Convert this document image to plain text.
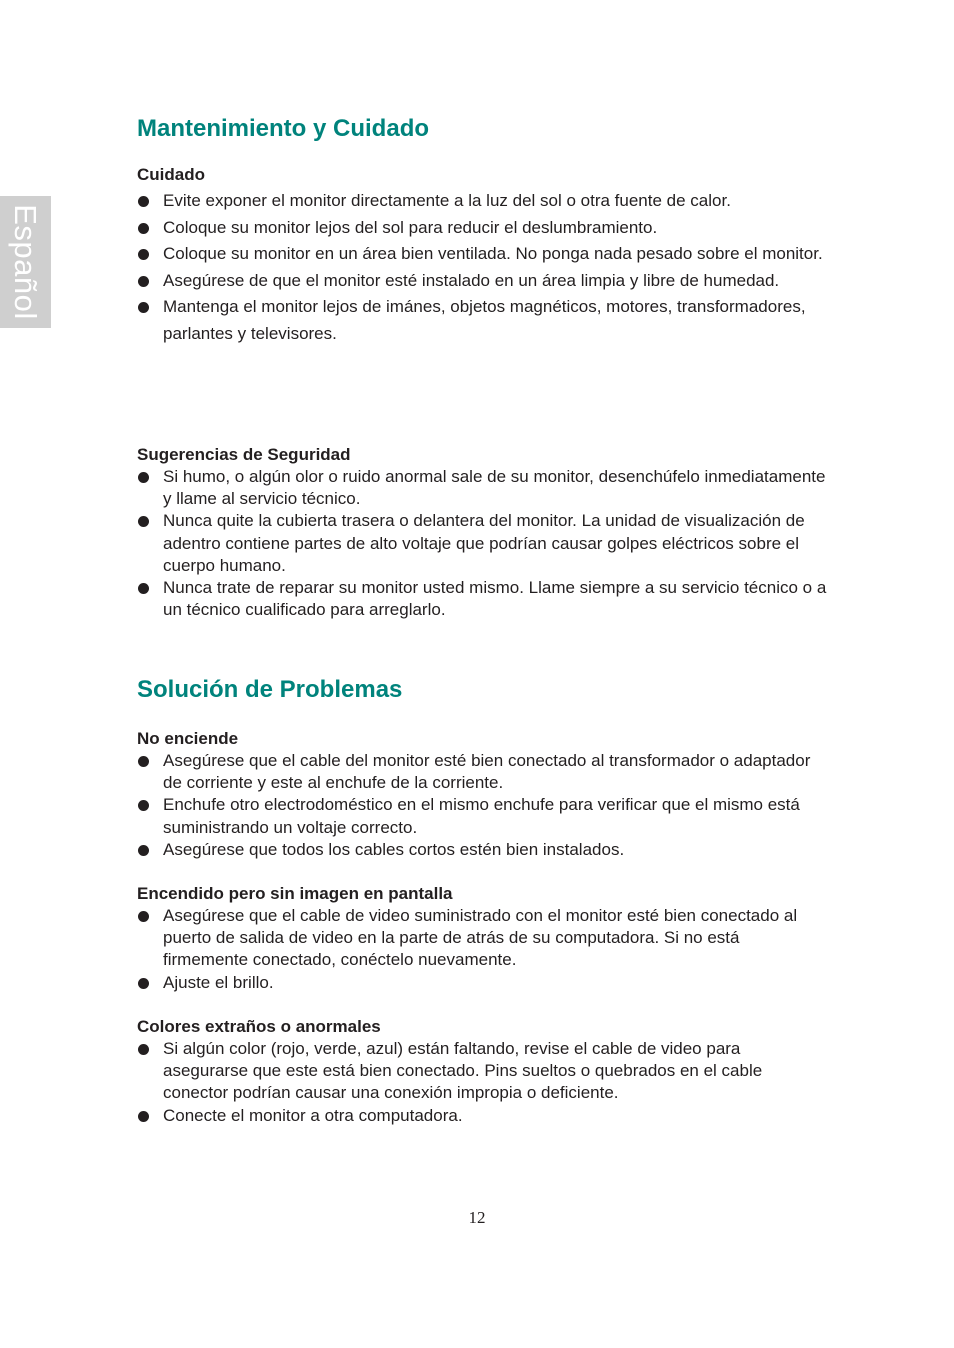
Español
Mantenimiento y Cuidado
Cuidado
Evite exponer el monitor directamente a la luz del sol o otra fuente de calor.
Coloque su monitor lejos del sol para reducir el deslumbramiento.
Coloque su monitor en un área bien ventilada. No ponga nada pesado sobre el monitor.
Asegúrese de que el monitor esté instalado en un área limpia y libre de humedad.
Mantenga el monitor lejos de imánes, objetos magnéticos, motores, transformadores, parlantes y televisores.
Sugerencias de Seguridad
Si humo, o algún olor o ruido anormal sale de su monitor, desenchúfelo inmediatamente y llame al servicio técnico.
Nunca quite la cubierta trasera o delantera del monitor. La unidad de visualización de adentro contiene partes de alto voltaje que podrían causar golpes eléctricos sobre el cuerpo humano.
Nunca trate de reparar su monitor usted mismo. Llame siempre a su servicio técnico o a un técnico cualificado para arreglarlo.
Solución de Problemas
No enciende
Asegúrese que el cable del monitor esté bien conectado al transformador o adaptador de corriente y este al enchufe de la corriente.
Enchufe otro electrodoméstico en el mismo enchufe para verificar que el mismo está suministrando un voltaje correcto.
Asegúrese que todos los cables cortos estén bien instalados.
Encendido pero sin imagen en pantalla
Asegúrese que el cable de video suministrado con el monitor esté bien conectado al puerto de salida de video en la parte de atrás de su computadora. Si no está firmemente conectado, conéctelo nuevamente.
Ajuste el brillo.
Colores extraños o anormales
Si algún color (rojo, verde, azul) están faltando, revise el cable de video para asegurarse que este está bien conectado. Pins sueltos o quebrados en el cable conector podrían causar una conexión impropia o deficiente.
Conecte el monitor a otra computadora.
12
